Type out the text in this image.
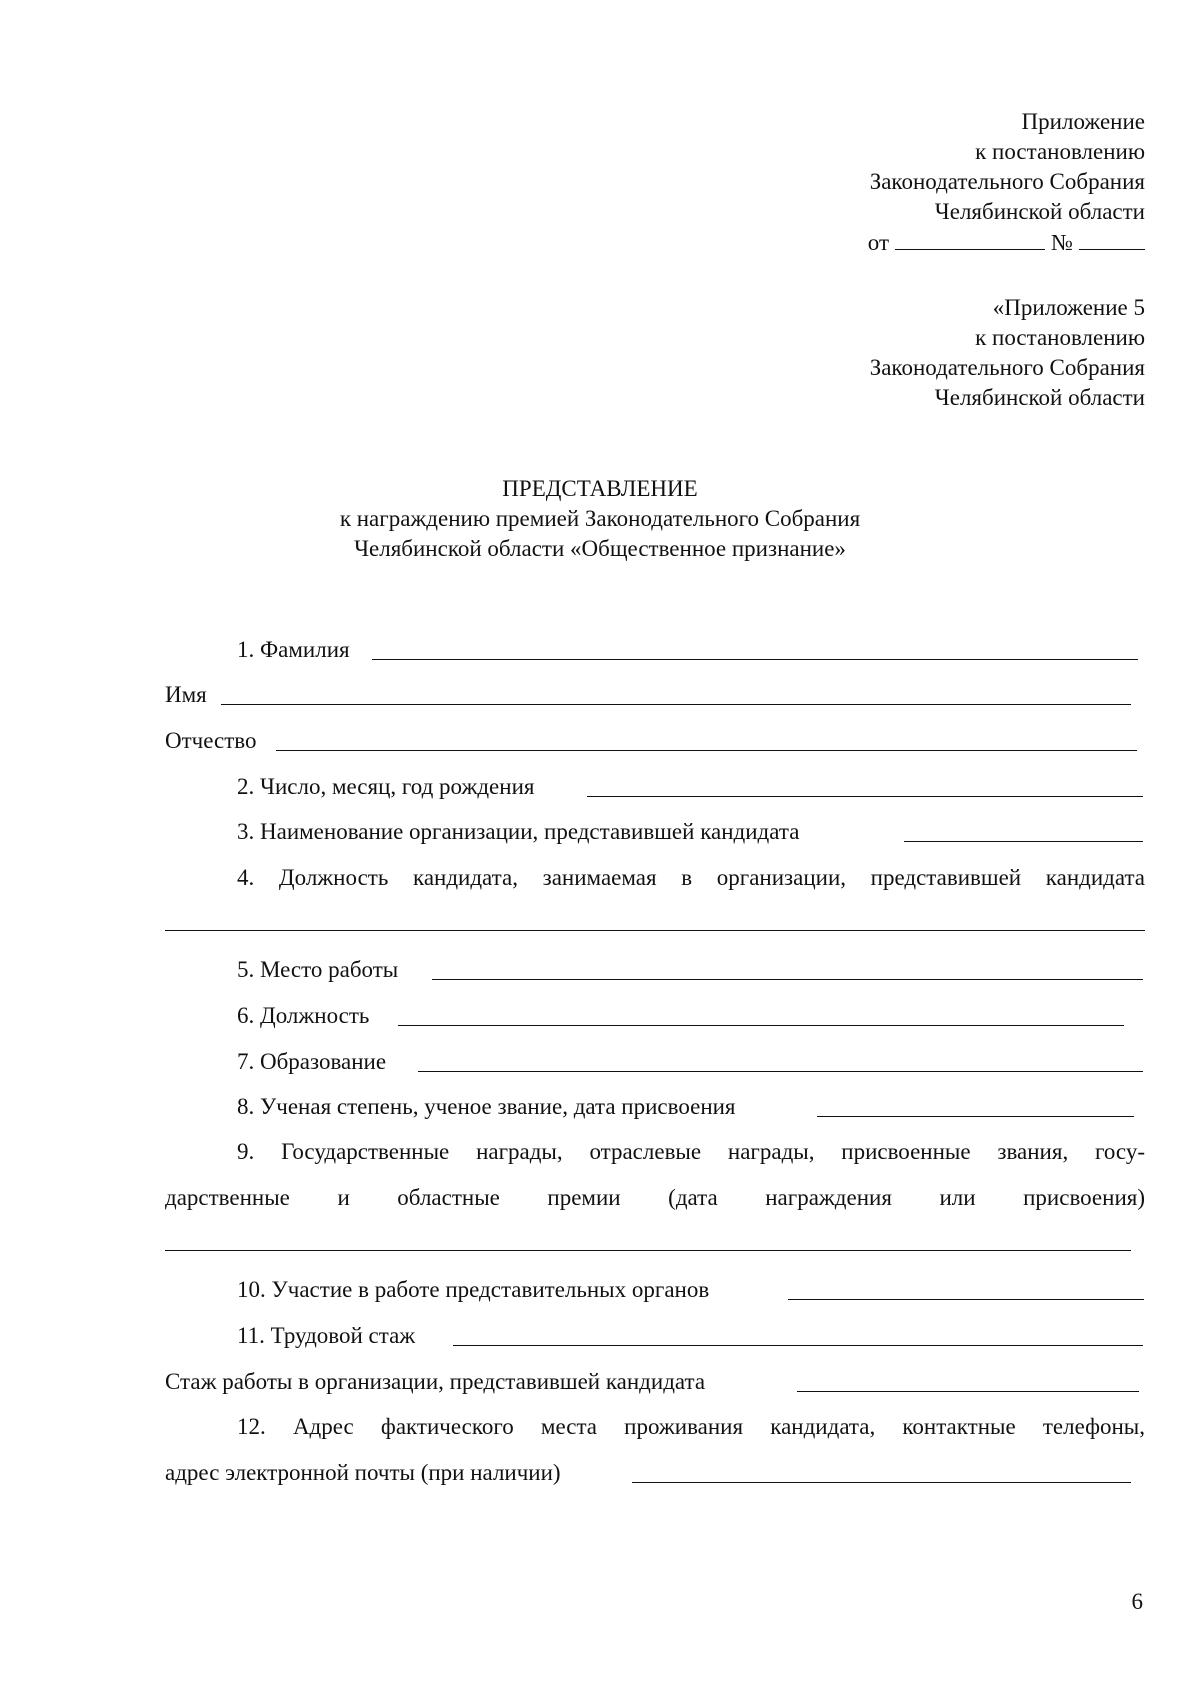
Приложение
к постановлению
Законодательного Собрания
Челябинской области
от	№
«Приложение 5
к постановлению
Законодательного Собрания
Челябинской области
ПРЕДСТАВЛЕНИЕ
к награждению премией Законодательного Собрания
Челябинской области «Общественное признание»
1. Фамилия
Имя
Отчество
2. Число, месяц, год рождения
3. Наименование организации, представившей кандидата
4. Должность кандидата, занимаемая в организации, представившей кандидата
5. Место работы
6. Должность
7. Образование
8. Ученая степень, ученое звание, дата присвоения
9. Государственные награды, отраслевые награды, присвоенные звания, госу-
дарственные и областные премии (дата награждения или присвоения)
10. Участие в работе представительных органов
11. Трудовой стаж
Стаж работы в организации, представившей кандидата
12. Адрес фактического места проживания кандидата, контактные телефоны,
адрес электронной почты (при наличии)
6
